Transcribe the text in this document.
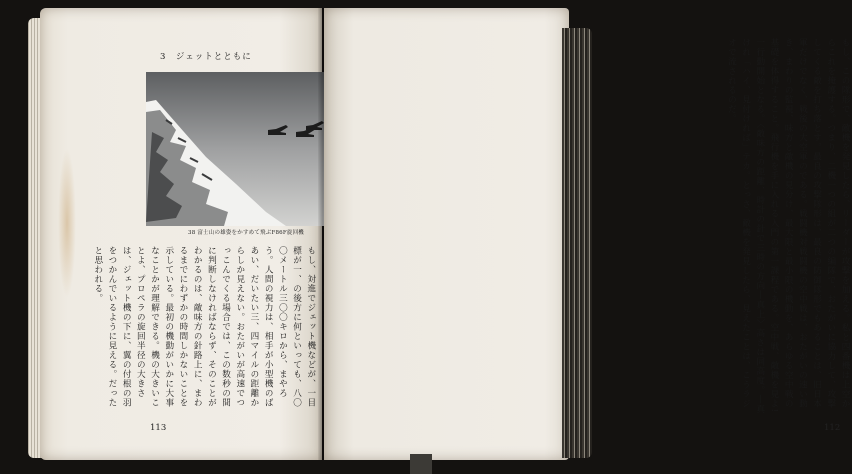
3　ジェットとともに
38 富士山の雄姿をかすめて飛ぶF86F旋回機
もし、対進でジェット機などが、一目標が一、の後方に何といっても、八〇〇メートル三〇〇キロから、まやろう。人間の視力は、相手が小型機のばあい、だいたい三、四マイルの距離からしか見えない。おたがいが高速でつっこんでくる場合では、この数秒の間に判断しなければならず、そのことがわかるのは、敵味方の針路上に、まわるまでにわずかの時間しかないことを示している。最初の機動がいかに大事なことかが理解できる。機の大きいことよ、プロペラの旋回半径の大きさは、ジェット機の下に、翼の付根の羽をつかんでいるように見える。だったと思われる。
113
もし、この隊形で、敵機を発見したら、リーダーが攻撃を加える。私と四番機は上空からこれを掩護する。つまり、二機一つの組が二つの編隊で、おたがいに協力して、攻撃してくる敵を打ち落とす。最良の攻撃隊形は、最良の防御隊形でもあることは、旧日本軍だけでなく、戦後の大空軍のである。戦闘機対戦闘機の空中戦は、おたがいの速い動き、まわりの監視、味方と敵機の見分け、最大限と最小限の機動を、あらゆる空中戦の基礎を体得すること。飛行機を手に入れる入門の第一課程である。空中戦、敵機を見よ! 一行動開始となる。〈敵味方の距離、時計の針で三時の方向―真上〉高さは同高度。―真けれ「ハイ、見付ければ」テカ。とっさ、敵機を発見したら、見えたことは、こうラジオで流されるのだ。
112
